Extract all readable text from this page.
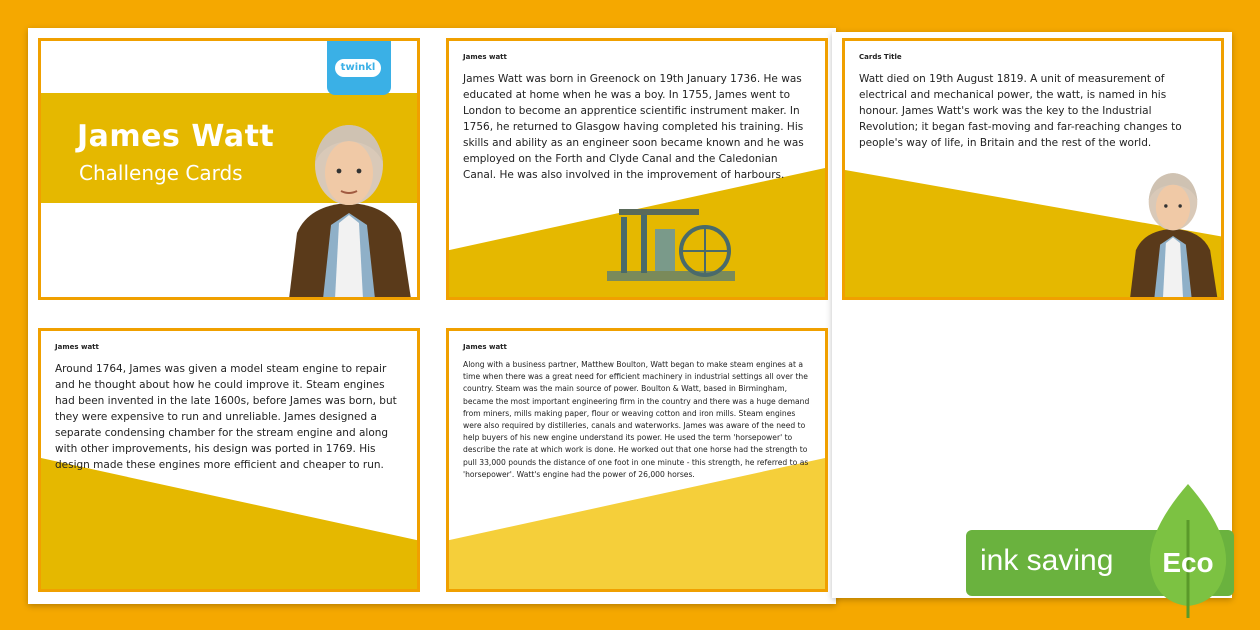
twinkl
James Watt
Challenge Cards
James watt
James Watt was born in Greenock on 19th January 1736. He was educated at home when he was a boy. In 1755, James went to London to become an apprentice scientific instrument maker. In 1756, he returned to Glasgow having completed his training. His skills and ability as an engineer soon became known and he was employed on the Forth and Clyde Canal and the Caledonian Canal. He was also involved in the improvement of harbours.
Cards Title
Watt died on 19th August 1819. A unit of measurement of electrical and mechanical power, the watt, is named in his honour. James Watt's work was the key to the Industrial Revolution; it began fast-moving and far-reaching changes to people's way of life, in Britain and the rest of the world.
James watt
Around 1764, James was given a model steam engine to repair and he thought about how he could improve it. Steam engines had been invented in the late 1600s, before James was born, but they were expensive to run and unreliable. James designed a separate condensing chamber for the stream engine and along with other improvements, his design was ported in 1769. His design made these engines more efficient and cheaper to run.
James watt
Along with a business partner, Matthew Boulton, Watt began to make steam engines at a time when there was a great need for efficient machinery in industrial settings all over the country. Steam was the main source of power. Boulton & Watt, based in Birmingham, became the most important engineering firm in the country and there was a huge demand from miners, mills making paper, flour or weaving cotton and iron mills. Steam engines were also required by distilleries, canals and waterworks. James was aware of the need to help buyers of his new engine understand its power. He used the term 'horsepower' to describe the rate at which work is done. He worked out that one horse had the strength to pull 33,000 pounds the distance of one foot in one minute - this strength, he referred to as 'horsepower'. Watt's engine had the power of 26,000 horses.
ink saving Eco
